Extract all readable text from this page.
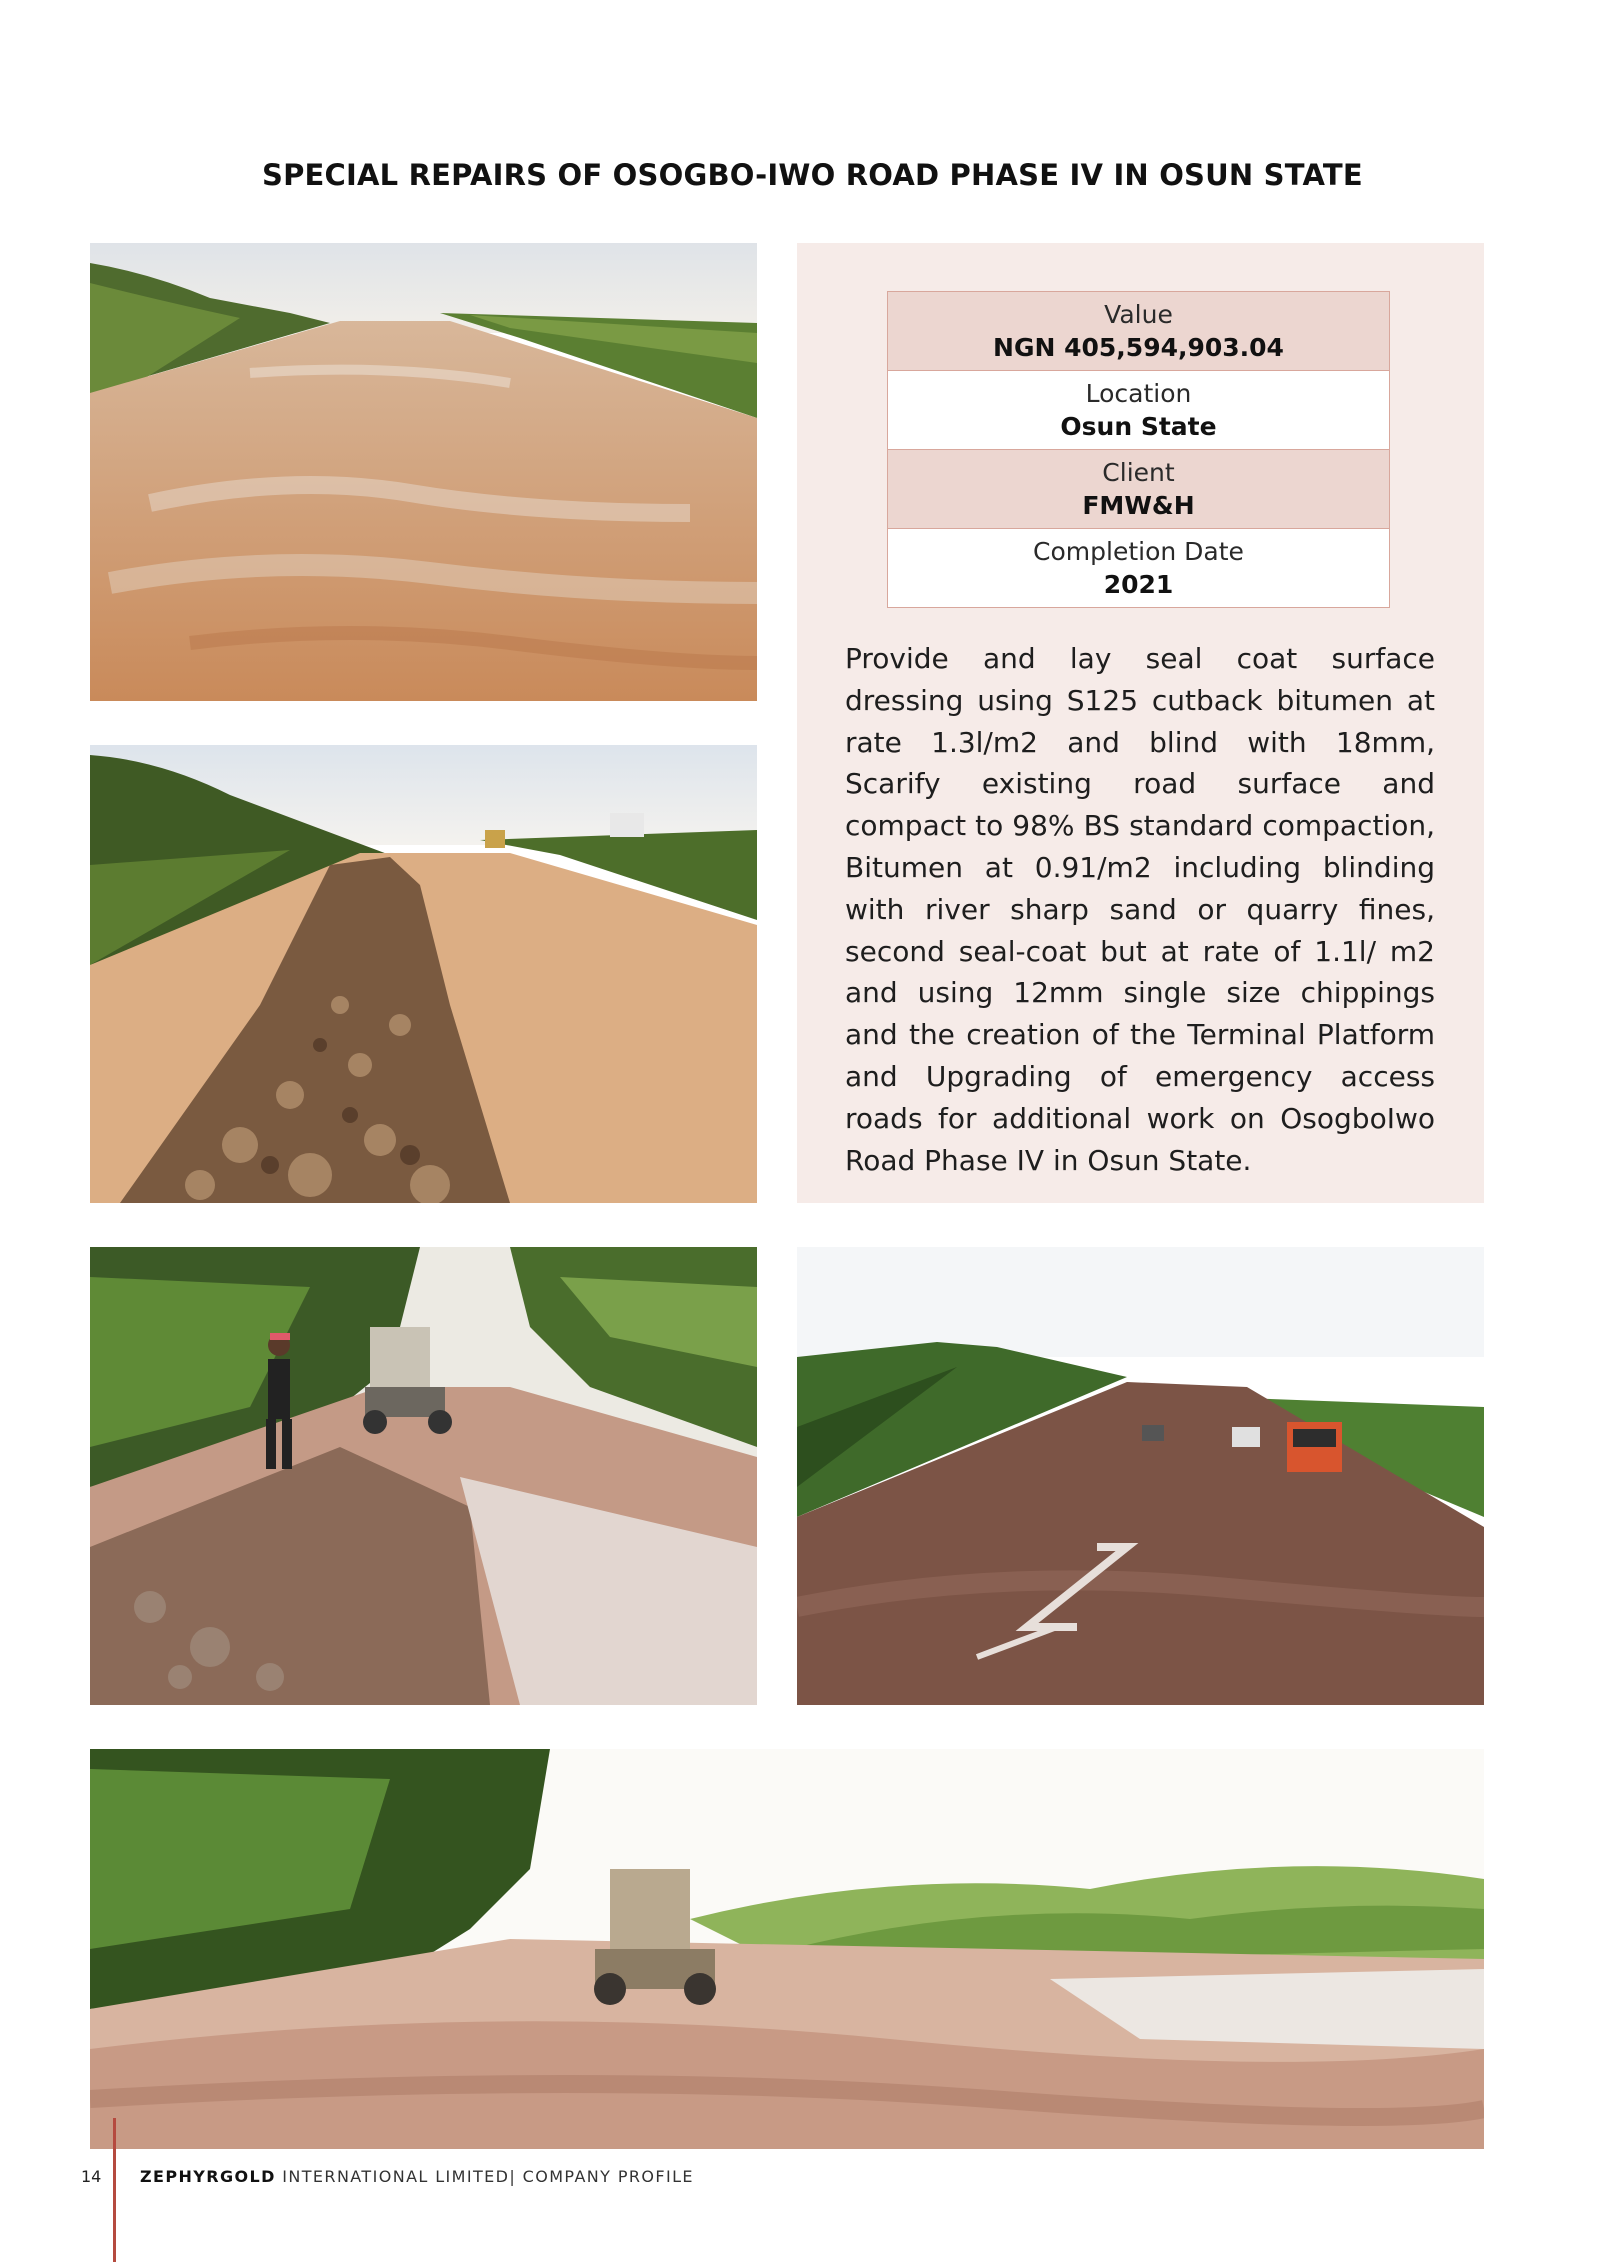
SPECIAL REPAIRS OF OSOGBO-IWO ROAD PHASE IV IN OSUN STATE
Value
NGN 405,594,903.04
Location
Osun State
Client
FMW&H
Completion Date
2021
Provide and lay seal coat surface dressing using S125 cutback bitumen at rate 1.3l/m2 and blind with 18mm, Scarify existing road surface and compact to 98% BS standard compaction, Bitumen at 0.91/m2 including blinding with river sharp sand or quarry fines, second seal-coat but at rate of 1.1l/ m2 and using 12mm single size chippings and the creation of the Terminal Platform and Upgrading of emergency access roads for additional work on OsogboIwo Road Phase IV in Osun State.
14 ZEPHYRGOLD INTERNATIONAL LIMITED| COMPANY PROFILE
